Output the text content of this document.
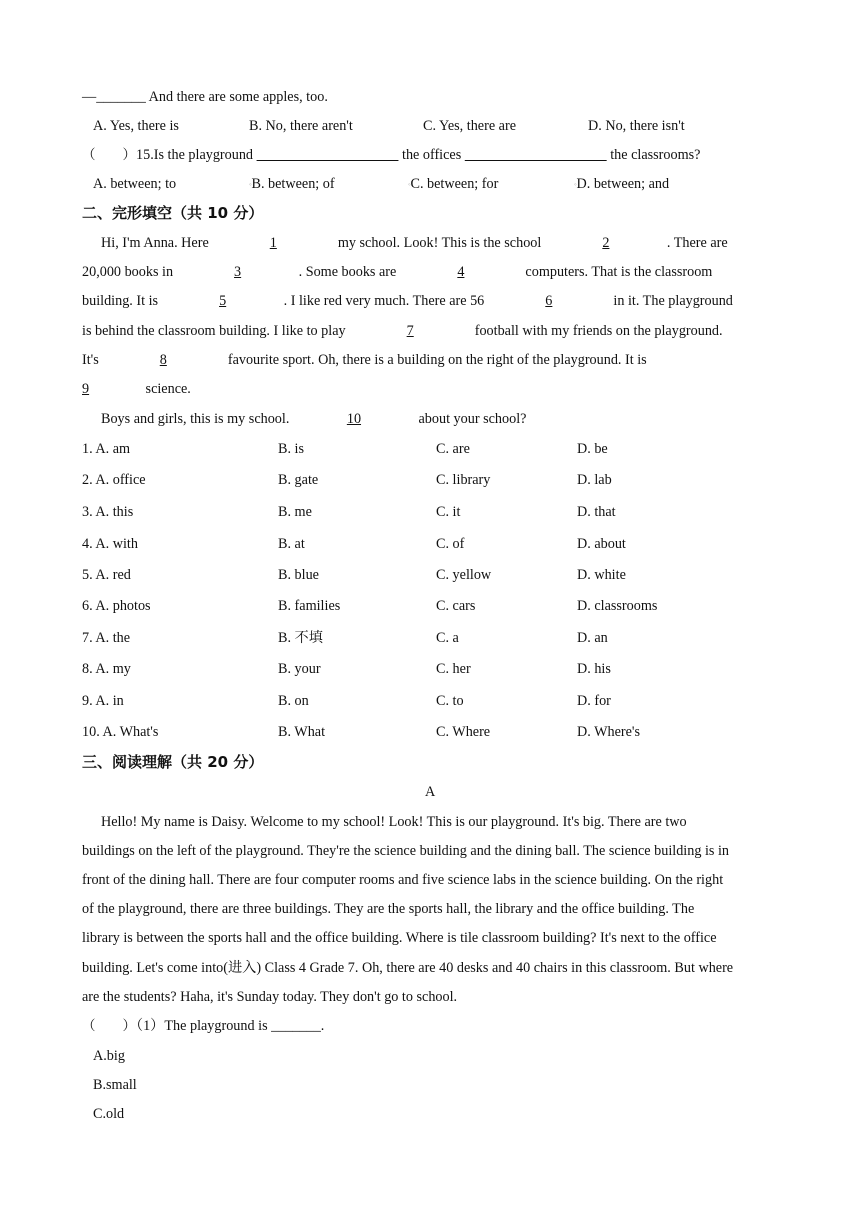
—_______ And there are some apples, too.
A. Yes, there is	B. No, there aren't	C. Yes, there are	D. No, there isn't
（　　）15.Is the playground	the offices	the classrooms?
A. between; to	◦B. between; of	◦C. between; for	◦D. between; and
二、完形填空（共 10 分）
Hi, I'm Anna. Here	1	my school. Look! This is the school	2	. There are
20,000 books in	3	. Some books are	4	computers. That is the classroom
building. It is	5	. I like red very much. There are 56	6	in it. The playground
is behind the classroom building. I like to play	7	football with my friends on the playground.
It's	8	favourite sport. Oh, there is a building on the right of the playground. It is
9	science.
Boys and girls, this is my school.	10	about your school?
1. A. am	B. is	C. are	D. be
2. A. office	B. gate	C. library	D. lab
3. A. this	B. me	C. it	D. that
4. A. with	B. at	C. of	D. about
5. A. red	B. blue	C. yellow	D. white
6. A. photos	B. families	C. cars	D. classrooms
7. A. the	B. 不填	C. a	D. an
8. A. my	B. your	C. her	D. his
9. A. in	B. on	C. to	D. for
10. A. What's	B. What	C. Where	D. Where's
三、阅读理解（共 20 分）
A
Hello! My name is Daisy. Welcome to my school! Look! This is our playground. It's big. There are two
buildings on the left of the playground. They're the science building and the dining ball. The science building is in
front of the dining hall. There are four computer rooms and five science labs in the science building. On the right
of the playground, there are three buildings. They are the sports hall, the library and the office building. The
library is between the sports hall and the office building. Where is tile classroom building? It's next to the office
building. Let's come into(进入) Class 4 Grade 7. Oh, there are 40 desks and 40 chairs in this classroom. But where
are the students? Haha, it's Sunday today. They don't go to school.
（　　）（1）The playground is _______.
A.big
B.small
C.old
